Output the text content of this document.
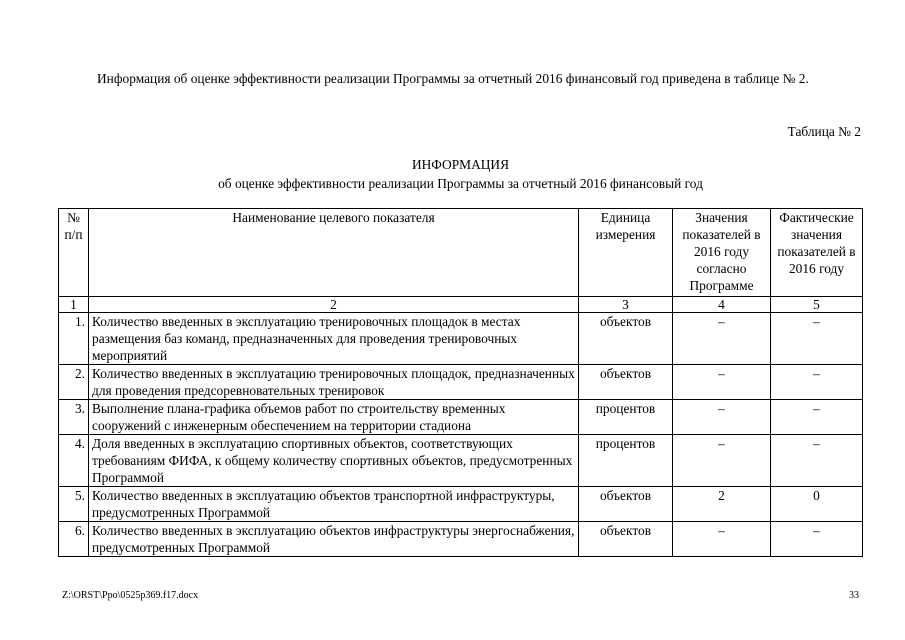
Информация об оценке эффективности реализации Программы за отчетный 2016 финансовый год приведена в таблице № 2.
Таблица № 2
ИНФОРМАЦИЯ
об оценке эффективности реализации Программы за отчетный 2016 финансовый год
№ п/п	Наименование целевого показателя	Единица измерения	Значения показателей в 2016 году согласно Программе	Фактические значения показателей в 2016 году
1	2	3	4	5
1.	Количество введенных в эксплуатацию тренировочных площадок в местах размещения баз команд, предназначенных для проведения тренировочных мероприятий	объектов	–	–
2.	Количество введенных в эксплуатацию тренировочных площадок, предназначенных для проведения предсоревновательных тренировок	объектов	–	–
3.	Выполнение плана-графика объемов работ по строительству временных сооружений с инженерным обеспечением на территории стадиона	процентов	–	–
4.	Доля введенных в эксплуатацию спортивных объектов, соответствующих требованиям ФИФА, к общему количеству спортивных объектов, предусмотренных Программой	процентов	–	–
5.	Количество введенных в эксплуатацию объектов транспортной инфраструктуры, предусмотренных Программой	объектов	2	0
6.	Количество введенных в эксплуатацию объектов инфраструктуры энергоснабжения, предусмотренных Программой	объектов	–	–
Z:\ORST\Ppo\0525p369.f17.docx	33
